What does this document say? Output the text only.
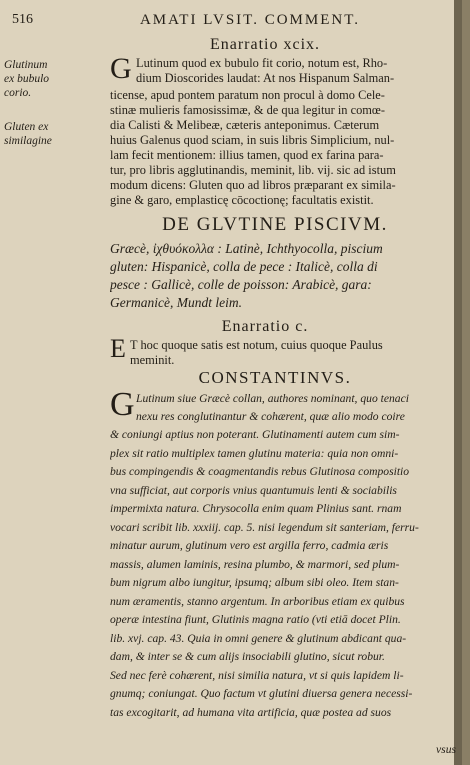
516	AMATI LVSIT. COMMENT.
Enarratio xcix.
Glutinum ex bubulo corio.
Gluten ex similagine
G Lutinum quod ex bubulo fit corio, notum est, Rho-
dium Dioscorides laudat: At nos Hispanum Salman-
ticense, apud pontem paratum non procul à domo Cele-
stinæ mulieris famosissimæ, & de qua legitur in comœ-
dia Calisti & Melibeæ, cæteris anteponimus. Cæterum
huius Galenus quod sciam, in suis libris Simplicium, nul-
lam fecit mentionem: illius tamen, quod ex farina para-
tur, pro libris agglutinandis, meminit, lib. vij. sic ad istum
modum dicens: Gluten quo ad libros præparant ex simila-
gine & garo, emplasticę cōcoctionę; facultatis existit.
DE GLVTINE PISCIVM.
Græcè, ἰχθυόκολλα : Latinè, Ichthyocolla, piscium
gluten: Hispanicè, colla de pece : Italicè, colla di
pesce : Gallicè, colle de poisson: Arabicè, gara:
Germanicè, Mundt leim.
Enarratio c.
E T hoc quoque satis est notum, cuius quoque Paulus
meminit.
CONSTANTINVS.
G Lutinum siue Græcè collan, authores nominant, quo tenaci
nexu res conglutinantur & cohærent, quæ alio modo coire
& coniungi aptius non poterant. Glutinamenti autem cum sim-
plex sit ratio multiplex tamen glutinu materia: quia non omni-
bus compingendis & coagmentandis rebus Glutinosa compositio
vna sufficiat, aut corporis vnius quantumuis lenti & sociabilis
impermixta natura. Chrysocolla enim quam Plinius sant. rnam
vocari scribit lib. xxxiij. cap. 5. nisi legendum sit santeriam, ferru-
minatur aurum, glutinum vero est argilla ferro, cadmia æris
massis, alumen laminis, resina plumbo, & marmori, sed plum-
bum nigrum albo iungitur, ipsumq; album sibi oleo. Item stan-
num æramentis, stanno argentum. In arboribus etiam ex quibus
operæ intestina fiunt, Glutinis magna ratio (vti etiā docet Plin.
lib. xvj. cap. 43. Quia in omni genere & glutinum abdicant qua-
dam, & inter se & cum alijs insociabili glutino, sicut robur.
Sed nec ferè cohærent, nisi similia natura, vt si quis lapidem li-
gnumq; coniungat. Quo factum vt glutini diuersa genera necessi-
tas excogitarit, ad humana vita artificia, quæ postea ad suos
vsus
